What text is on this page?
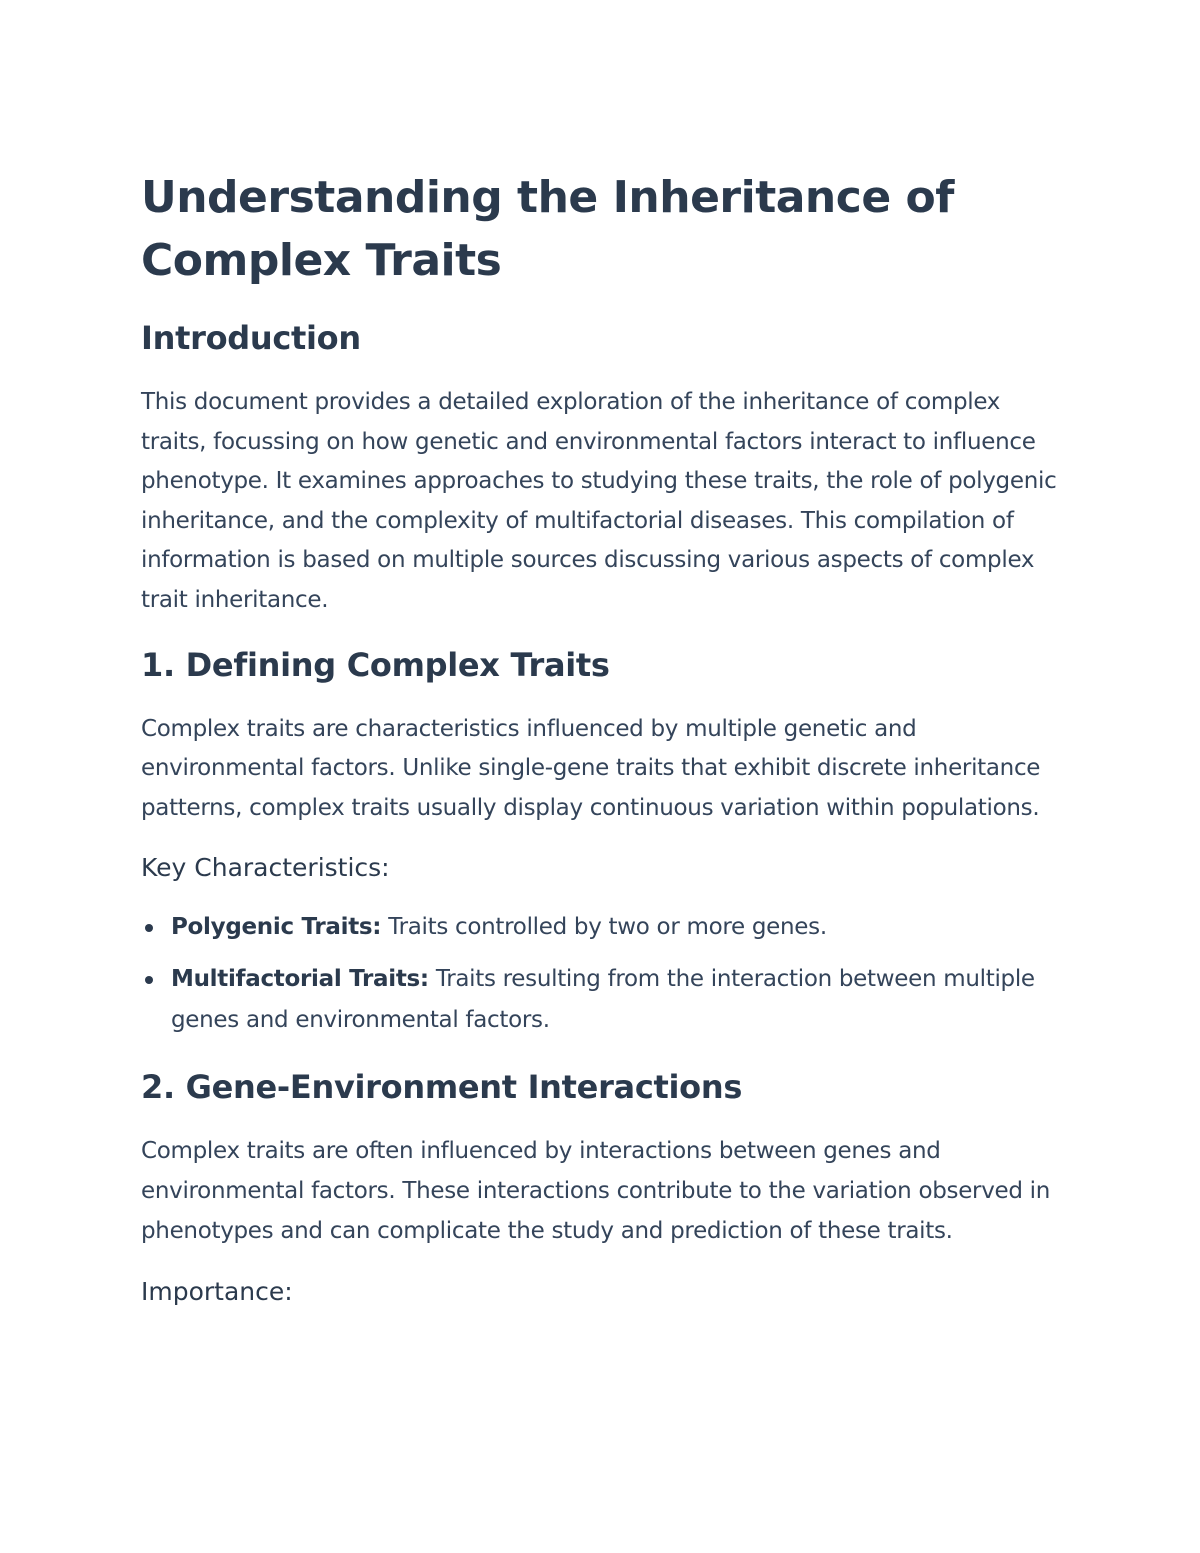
Understanding the Inheritance of Complex Traits
Introduction

This document provides a detailed exploration of the inheritance of complex traits, focussing on how genetic and environmental factors interact to influence phenotype. It examines approaches to studying these traits, the role of polygenic inheritance, and the complexity of multifactorial diseases. This compilation of information is based on multiple sources discussing various aspects of complex trait inheritance.

1. Defining Complex Traits

Complex traits are characteristics influenced by multiple genetic and environmental factors. Unlike single-gene traits that exhibit discrete inheritance patterns, complex traits usually display continuous variation within populations.

Key Characteristics:
Polygenic Traits: Traits controlled by two or more genes.
Multifactorial Traits: Traits resulting from the interaction between multiple genes and environmental factors.
2. Gene-Environment Interactions

Complex traits are often influenced by interactions between genes and environmental factors. These interactions contribute to the variation observed in phenotypes and can complicate the study and prediction of these traits.

Importance:
